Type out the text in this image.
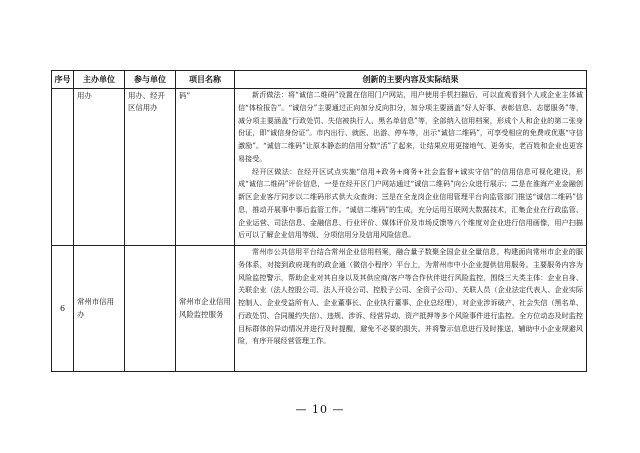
序号	主办单位	参与单位	项目名称	创新的主要内容及实际结果

	用办	用办、经开区信用办	码”	新沂做法：将“诚信二维码”设置在信用门户网站，用户使用手机扫描后，可以直观看到个人或企业主体诚信“体检报告”。“诚信分”主要通过正向加分反向扣分，加分项主要涵盖“好人好事、表彰信息、志愿服务”等，减分项主要涵盖“行政处罚、失信被执行人、黑名单信息”等，全部纳入信用档案，形成个人和企业的第二张身份证，即“诚信身份证”。市内出行、就医、出游、停车等，出示“诚信二维码”，可享受相应的免费或优惠“守信激励”。“诚信二维码”让原本静态的信用分数“活”了起来，让结果应用更接地气、更务实，老百姓和企业也更容易接受。

经开区做法：在经开区试点实施“信用+政务+商务+社会监督+诚实守信”的信用信息可视化建设，形成“诚信二维码”评价信息，一是在经开区门户网站通过“诚信二维码”向公众进行展示；二是在淮海产业金融创新区企业客厅同步以二维码形式供大众查询；三是在全龙岗企业信用管理平台向监管部门推送“诚信二维码”信息，推动开展事中事后监管工作。“诚信二维码”的生成，充分运用互联网大数据技术，汇集企业在行政监管、企业运营、司法信息、金融信息、行业评价、媒体评价及市场反馈等八个维度对企业进行信用画像，用户扫描后可以了解企业信用等级、分项信用分及信用风险信息。

6	常州市信用办		常州市企业信用风险监控服务	常州市公共信用平台结合常州企业信用档案，融合量子数聚全国企业全量信息，构建面向常州市企业的服务体系，对接到政府现有的政企通（微信小程序）平台上，为常州市中小企业提供信用服务。主要服务内容为风险监控警示，帮助企业对其自身以及其供应商/客户等合作伙伴进行风险监控，围绕三大类主体：企业自身、关联企业（法人控股公司、法人开设公司、控股子公司、全资子公司）、关联人员（企业法定代表人、企业实际控制人、企业受益所有人、企业董事长、企业执行董事、企业总经理），对企业涉诉破产、社会失信（黑名单、行政处罚、合同履约失信）、违规、涉诉、经营异动、资产抵押等多个风险事件进行监控。全方位动态及时监控目标群体的异动情况并进行及时提醒，避免不必要的损失。并将警示信息进行及时推送，辅助中小企业规避风险，有序开展经营管理工作。

— 10 —
